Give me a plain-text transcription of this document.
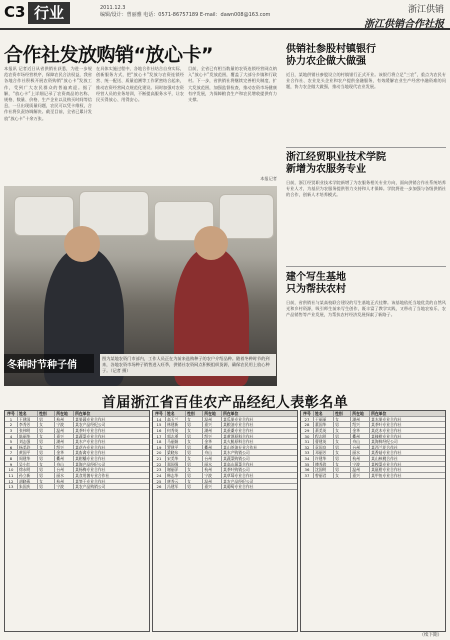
C3 行业	2011.12.3
编辑/设计：曾丽雅 电话：0571-86757189 E-mail：dawn008@163.com	浙江供销
浙江供销合作社报
合作社发放购销“放心卡”
本报讯 记者近日从省供销社获悉，为进一步规范农资市场经营秩序，保障农民合法权益，我省各地合作社积极开展农资购销“放心卡”发放工作，受到广大农民群众的普遍欢迎。据了解，“放心卡”上详细记录了农资商品的名称、规格、数量、价格、生产企业以及购买时间等信息，一旦出现质量问题，农民可以凭卡维权，合作社将负责协调解决。截至目前，全省已累计发放“放心卡”十余万张。
在具体实施过程中，各地合作社结合自身实际，创新服务方式，把“放心卡”发放与农资连锁经营、统一配送、质量追溯等工作紧密结合起来，推动农资经营网点规范化建设。同时加强对农资经营人员的业务培训，不断提高服务水平，让农民买得放心、用得安心。
目前，全省已有相当数量的农资连锁经营网点纳入“放心卡”发放范围，覆盖了大部分乡镇和行政村。下一步，省供销社将继续完善相关制度，扩大发放范围，加强监督检查，推动农资市场健康有序发展，为保障粮食生产和农民增收提供有力支撑。
本报记者
冬种时节种子俏
图为某地农资门市部内，工作人员正在为前来选购种子的农户介绍品种。随着冬种时节的到来，各地农资市场种子销售进入旺季，供销社农资网点积极组织货源，确保农民用上放心种子。（记者 摄）
供销社参股村镇银行
协力农企做大做强
近日，某地供销社参股设立的村镇银行正式开业。该银行将立足“三农”，重点为农民专业合作社、农业龙头企业和农户提供金融服务，有效缓解农业生产经营中融资难的问题，协力农企做大做强，推动当地现代农业发展。
浙江经贸职业技术学院
新增为农服务专业
日前，浙江经贸职业技术学院新增了为农服务相关专业方向，面向供销合作社系统培养专业人才，为基层为农服务提供智力支持和人才保障。学院将进一步加强与各级供销社的合作，创新人才培养模式。
建个写生基地
只为帮扶农村
日前，省供销社与某高校联合建设的写生基地正式挂牌。该基地依托当地优美的自然风光和乡村资源，吸引师生前来写生创作，既丰富了教学实践，又带动了当地农家乐、农产品销售等产业发展，为帮扶农村经济发展探索了新路子。
首届浙江省百佳农产品经纪人表彰名单
序号	姓名	性别	所在地	所在单位
1	王建国	男	杭州	某果蔬专业合作社
2	李秀芳	女	宁波	某农产品经纪公司
3	张伟明	男	温州	某茶叶专业合作社
4	陈丽华	女	嘉兴	某蔬菜专业合作社
5	刘志强	男	湖州	某水产专业合作社
6	杨美玲	女	绍兴	某花卉专业合作社
7	黄国平	男	金华	某畜禽专业合作社
8	周建华	男	衢州	某柑橘专业合作社
9	吴小红	女	舟山	某海产品经纪公司
10	徐永明	男	台州	某杨梅专业合作社
11	孙立新	男	丽水	某食用菌专业合作社
12	胡晓燕	女	杭州	某笋干专业合作社
13	朱国庆	男	宁波	某农产品购销公司
序号	姓名	性别	所在地	所在单位
14	高玉兰	女	温州	某瓜果专业合作社
15	林建新	男	嘉兴	某粮油专业合作社
16	何秀英	女	湖州	某蚕桑专业合作社
17	郭志勇	男	绍兴	某黄酒原料合作社
18	马丽娟	女	金华	某火腿原料合作社
19	罗建平	男	衢州	某山茶油专业合作社
20	梁晓东	男	舟山	某水产购销公司
21	宋美华	女	台州	某蔬菜购销公司
22	郑国强	男	丽水	某高山蔬菜合作社
23	谢丽萍	女	杭州	某茶叶购销公司
24	韩志华	男	宁波	某草莓专业合作社
25	唐秀云	女	温州	某农产品经纪公司
26	冯建军	男	嘉兴	某葡萄专业合作社
序号	姓名	性别	所在地	所在单位
27	于丽丽	女	湖州	某水果专业合作社
28	董国华	男	绍兴	某茶叶专业合作社
29	萧美英	女	金华	某花木专业合作社
30	程志明	男	衢州	某椪柑专业合作社
31	曹建英	女	舟山	某海鲜经纪公司
32	袁国良	男	台州	某西兰花合作社
33	邓丽芳	女	丽水	某香菇专业合作社
34	许建华	男	杭州	某山核桃合作社
35	傅秀珍	女	宁波	某榨菜专业合作社
36	沈国明	男	温州	某瓯柑专业合作社
37	曾丽君	女	嘉兴	某甲鱼专业合作社
（续下期）
